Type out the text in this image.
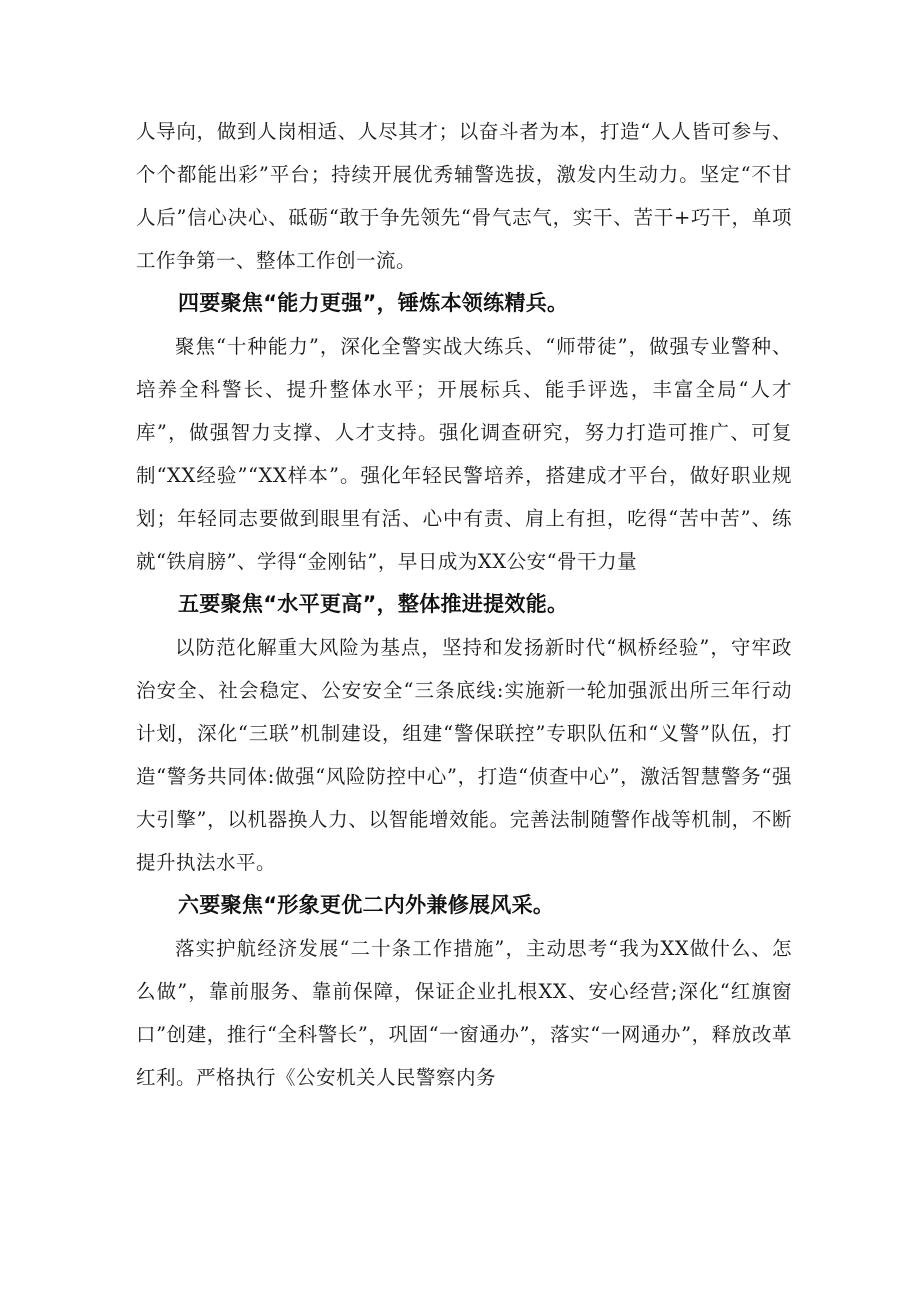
人导向，做到人岗相适、人尽其才；以奋斗者为本，打造“人人皆可参与、个个都能出彩”平台；持续开展优秀辅警选拔，激发内生动力。坚定“不甘人后”信心决心、砥砺“敢于争先领先“骨气志气，实干、苦干+巧干，单项工作争第一、整体工作创一流。

四要聚焦“能力更强”，锤炼本领练精兵。

聚焦“十种能力”，深化全警实战大练兵、“师带徒”，做强专业警种、培养全科警长、提升整体水平；开展标兵、能手评选，丰富全局“人才库”，做强智力支撑、人才支持。强化调查研究，努力打造可推广、可复制“XX经验”“XX样本”。强化年轻民警培养，搭建成才平台，做好职业规划；年轻同志要做到眼里有活、心中有责、肩上有担，吃得“苦中苦”、练就“铁肩膀”、学得“金刚钻”，早日成为XX公安“骨干力量

五要聚焦“水平更高”，整体推进提效能。

以防范化解重大风险为基点，坚持和发扬新时代“枫桥经验”，守牢政治安全、社会稳定、公安安全“三条底线:实施新一轮加强派出所三年行动计划，深化“三联”机制建设，组建“警保联控”专职队伍和“义警”队伍，打造“警务共同体:做强“风险防控中心”，打造“侦查中心”，激活智慧警务“强大引擎”，以机器换人力、以智能增效能。完善法制随警作战等机制，不断提升执法水平。

六要聚焦“形象更优二内外兼修展风采。

落实护航经济发展“二十条工作措施”，主动思考“我为XX做什么、怎么做”，靠前服务、靠前保障，保证企业扎根XX、安心经营;深化“红旗窗口”创建，推行“全科警长”，巩固“一窗通办”，落实“一网通办”，释放改革红利。严格执行《公安机关人民警察内务
